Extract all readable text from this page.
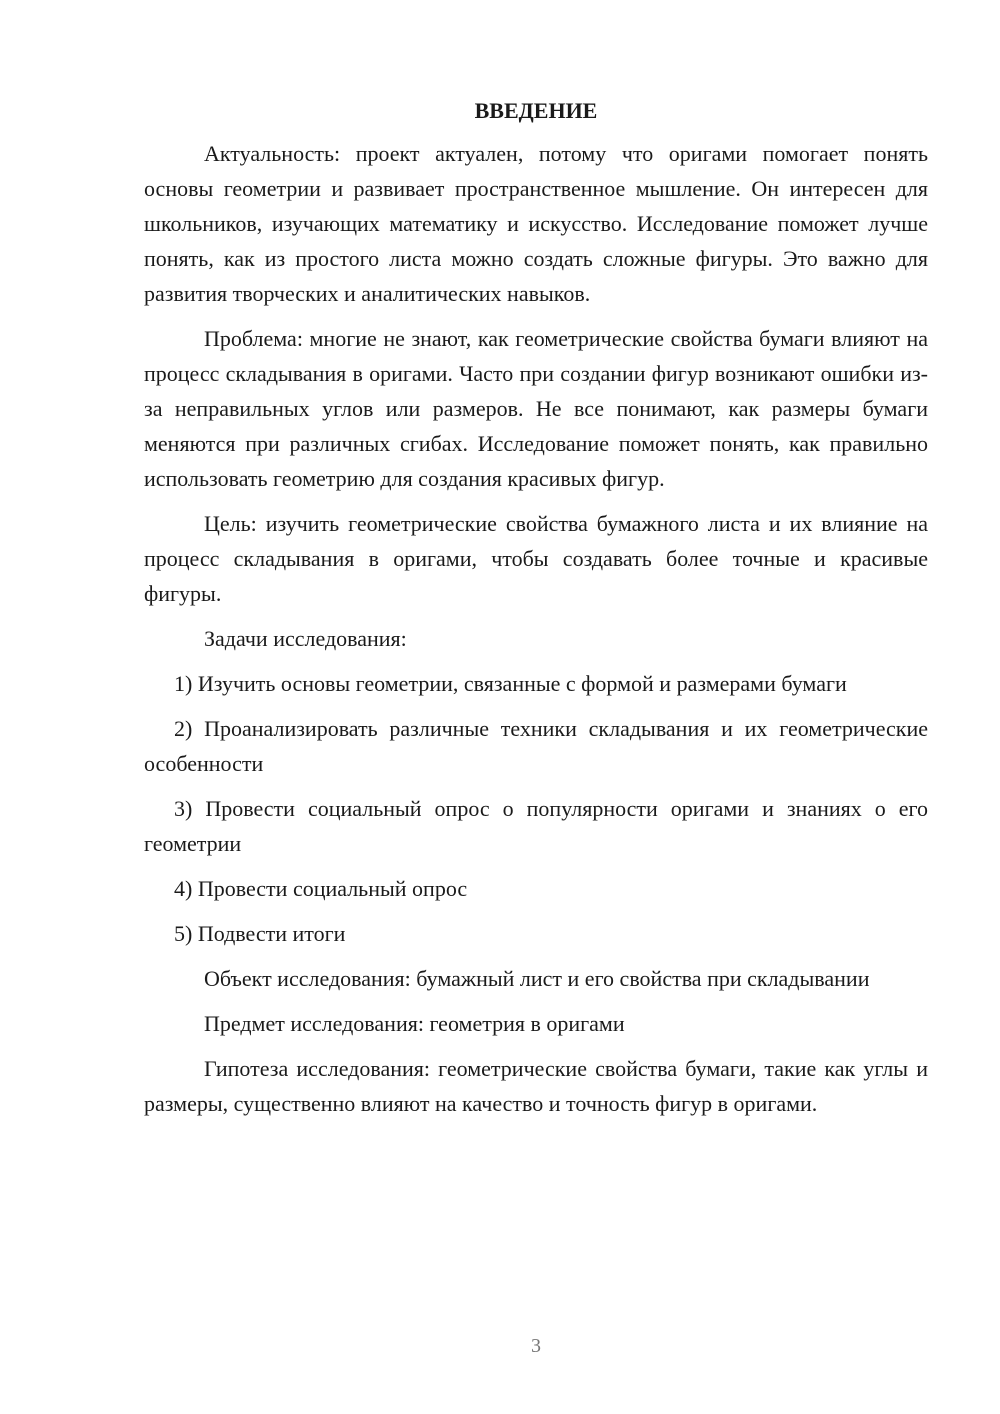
ВВЕДЕНИЕ
Актуальность: проект актуален, потому что оригами помогает понять основы геометрии и развивает пространственное мышление. Он интересен для школьников, изучающих математику и искусство. Исследование поможет лучше понять, как из простого листа можно создать сложные фигуры. Это важно для развития творческих и аналитических навыков.
Проблема: многие не знают, как геометрические свойства бумаги влияют на процесс складывания в оригами. Часто при создании фигур возникают ошибки из-за неправильных углов или размеров. Не все понимают, как размеры бумаги меняются при различных сгибах. Исследование поможет понять, как правильно использовать геометрию для создания красивых фигур.
Цель: изучить геометрические свойства бумажного листа и их влияние на процесс складывания в оригами, чтобы создавать более точные и красивые фигуры.
Задачи исследования:
1) Изучить основы геометрии, связанные с формой и размерами бумаги
2) Проанализировать различные техники складывания и их геометрические особенности
3) Провести социальный опрос о популярности оригами и знаниях о его геометрии
4) Провести социальный опрос
5) Подвести итоги
Объект исследования: бумажный лист и его свойства при складывании
Предмет исследования: геометрия в оригами
Гипотеза исследования: геометрические свойства бумаги, такие как углы и размеры, существенно влияют на качество и точность фигур в оригами.
3
